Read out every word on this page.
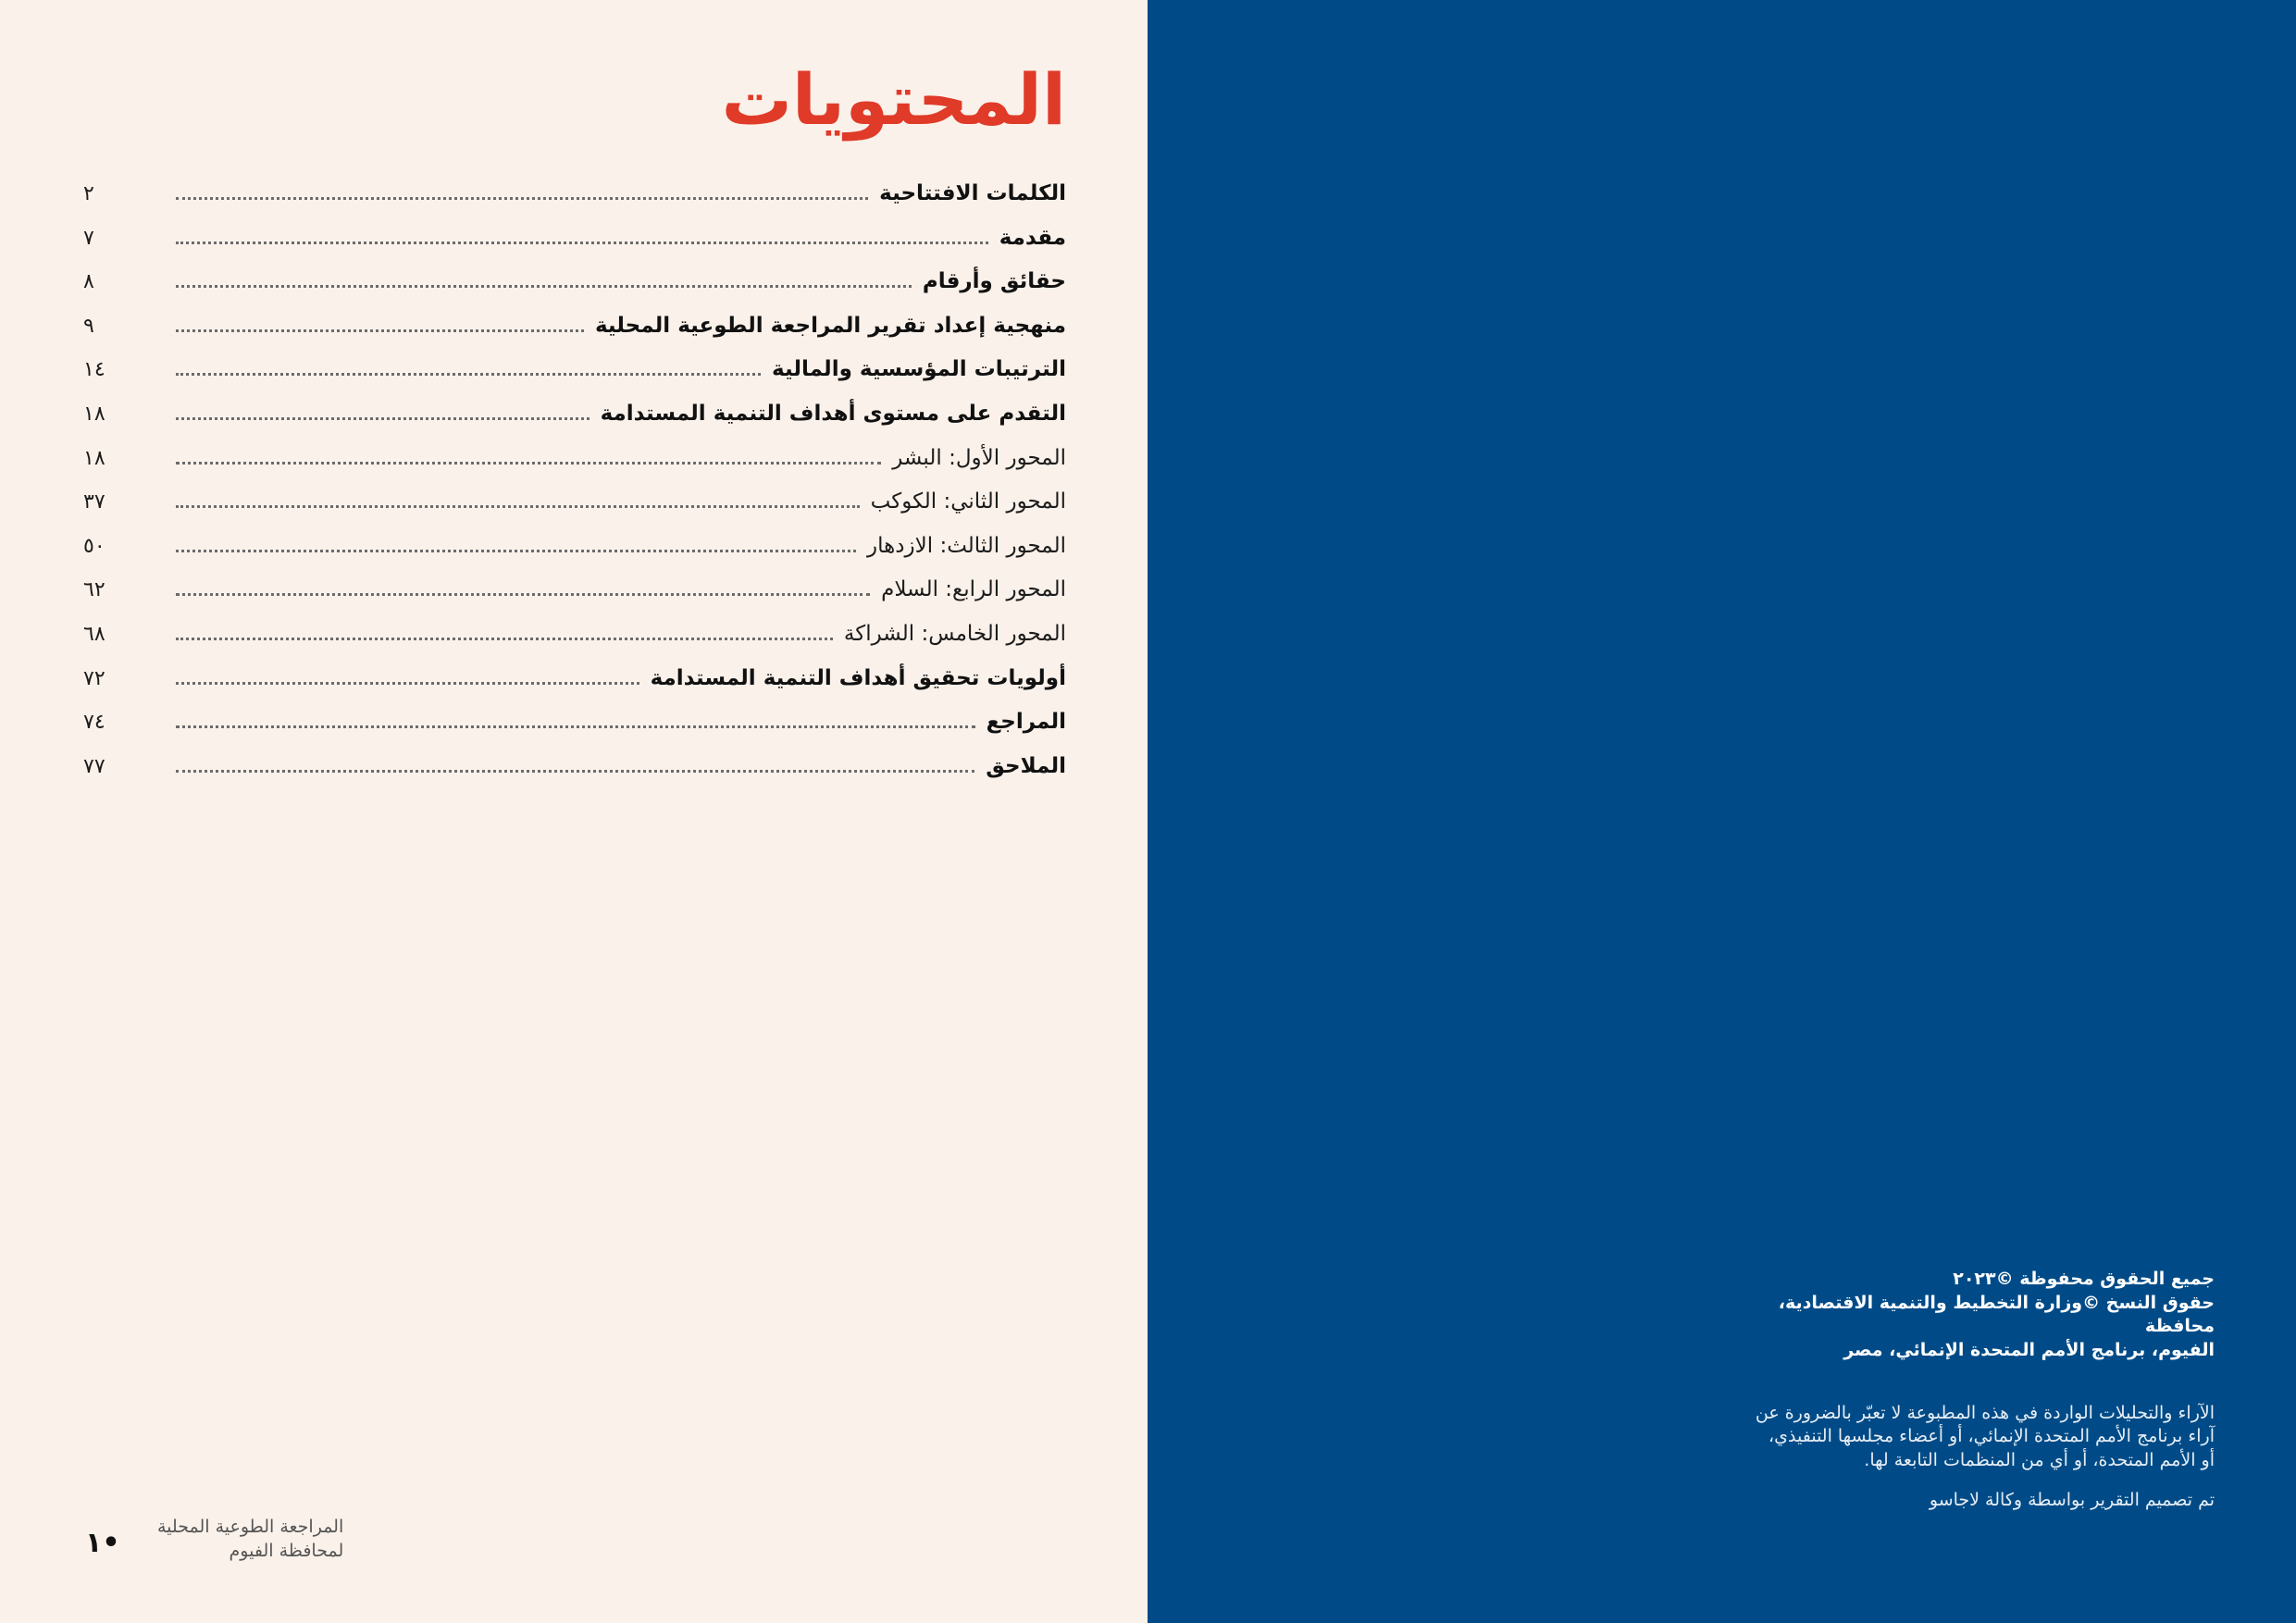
المحتويات
الكلمات الافتتاحية
٢
مقدمة
٧
حقائق وأرقام
٨
منهجية إعداد تقرير المراجعة الطوعية المحلية
٩
الترتيبات المؤسسية والمالية
١٤
التقدم على مستوى أهداف التنمية المستدامة
١٨
المحور الأول: البشر
١٨
المحور الثاني: الكوكب
٣٧
المحور الثالث: الازدهار
٥٠
المحور الرابع: السلام
٦٢
المحور الخامس: الشراكة
٦٨
أولويات تحقيق أهداف التنمية المستدامة
٧٢
المراجع
٧٤
الملاحق
٧٧
المراجعة الطوعية المحلية
لمحافظة الفيوم
١•

جميع الحقوق محفوظة ©٢٠٢٣

حقوق النسخ ©وزارة التخطيط والتنمية الاقتصادية، محافظة

الفيوم، برنامج الأمم المتحدة الإنمائي، مصر

الآراء والتحليلات الواردة في هذه المطبوعة لا تعبّر بالضرورة عن
آراء برنامج الأمم المتحدة الإنمائي، أو أعضاء مجلسها التنفيذي،
أو الأمم المتحدة، أو أي من المنظمات التابعة لها.

تم تصميم التقرير بواسطة وكالة لاجاسو
